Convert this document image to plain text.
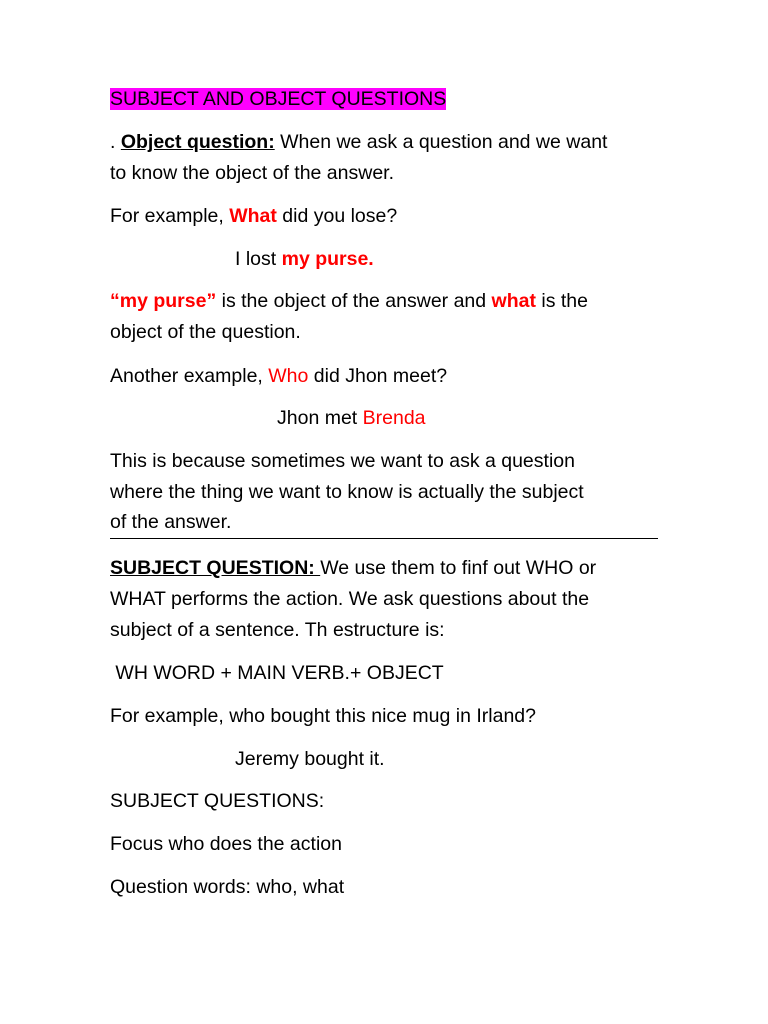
SUBJECT AND OBJECT QUESTIONS

. Object question: When we ask a question and we want

to know the object of the answer.

For example, What did you lose?

I lost my purse.

“my purse” is the object of the answer and what is the

object of the question.

Another example, Who did Jhon meet?

Jhon met Brenda

This is because sometimes we want to ask a question

where the thing we want to know is actually the subject

of the answer.

SUBJECT QUESTION: We use them to finf out WHO or

WHAT performs the action. We ask questions about the

subject of a sentence. Th estructure is:

WH WORD + MAIN VERB.+ OBJECT

For example, who bought this nice mug in Irland?

Jeremy bought it.

SUBJECT QUESTIONS:

Focus who does the action

Question words: who, what
